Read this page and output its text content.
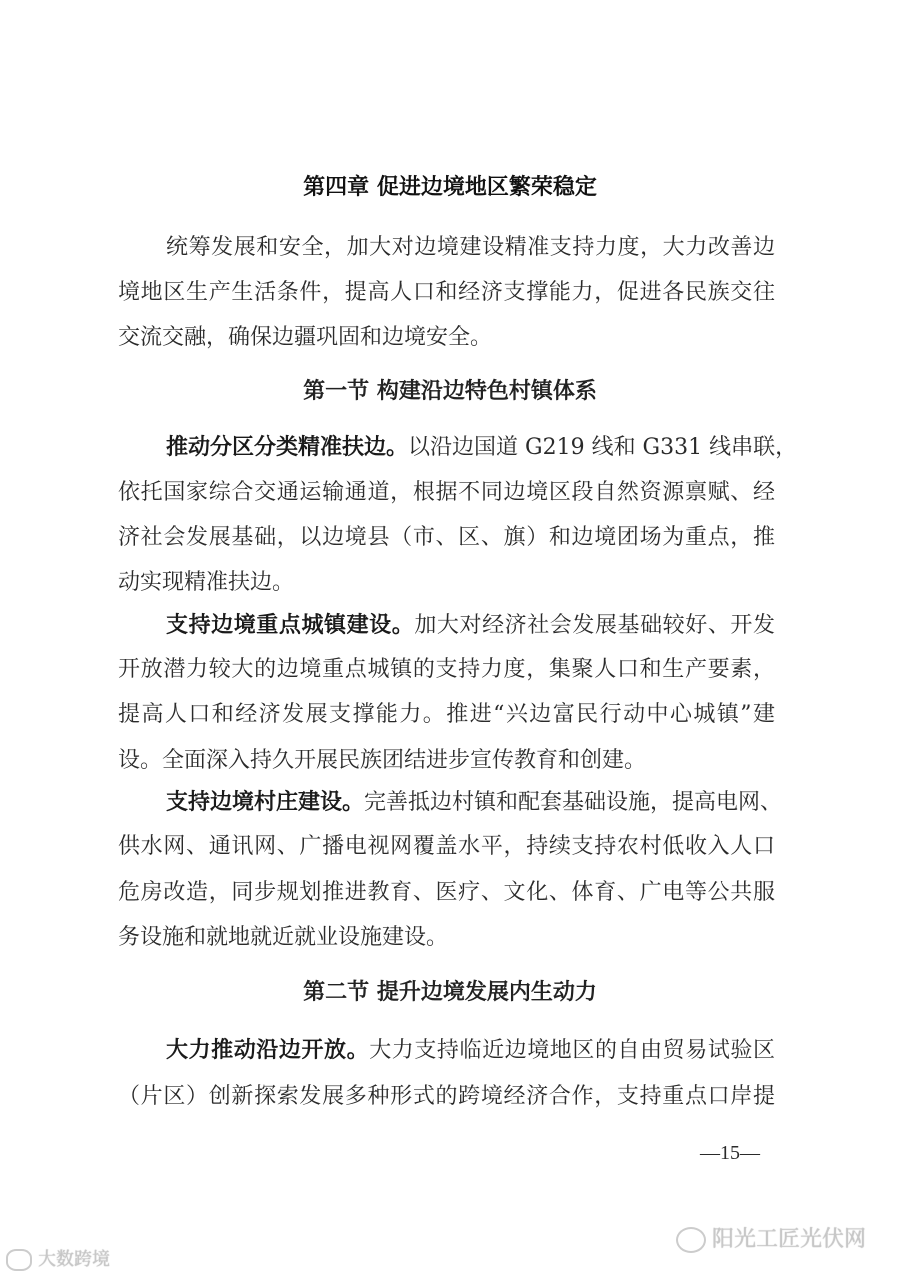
第四章 促进边境地区繁荣稳定
统筹发展和安全，加大对边境建设精准支持力度，大力改善边
境地区生产生活条件，提高人口和经济支撑能力，促进各民族交往
交流交融，确保边疆巩固和边境安全。
第一节 构建沿边特色村镇体系
推动分区分类精准扶边。以沿边国道 G219 线和 G331 线串联，
依托国家综合交通运输通道，根据不同边境区段自然资源禀赋、经
济社会发展基础，以边境县（市、区、旗）和边境团场为重点，推
动实现精准扶边。
支持边境重点城镇建设。加大对经济社会发展基础较好、开发
开放潜力较大的边境重点城镇的支持力度，集聚人口和生产要素，
提高人口和经济发展支撑能力。推进“兴边富民行动中心城镇”建
设。全面深入持久开展民族团结进步宣传教育和创建。
支持边境村庄建设。完善抵边村镇和配套基础设施，提高电网、
供水网、通讯网、广播电视网覆盖水平，持续支持农村低收入人口
危房改造，同步规划推进教育、医疗、文化、体育、广电等公共服
务设施和就地就近就业设施建设。
第二节 提升边境发展内生动力
大力推动沿边开放。大力支持临近边境地区的自由贸易试验区
（片区）创新探索发展多种形式的跨境经济合作，支持重点口岸提
—15—
阳光工匠光伏网
大数跨境
